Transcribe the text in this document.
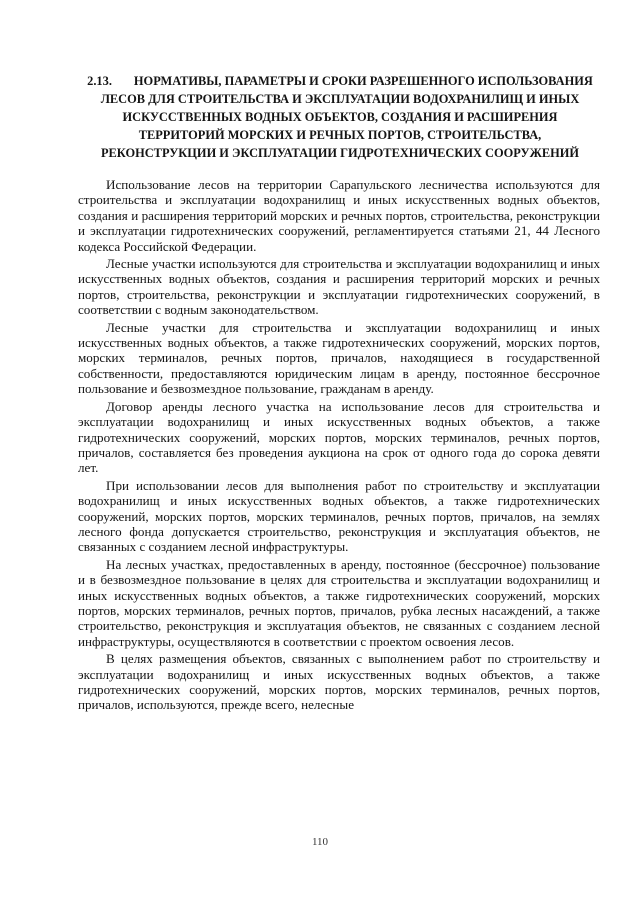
2.13. НОРМАТИВЫ, ПАРАМЕТРЫ И СРОКИ РАЗРЕШЕННОГО ИСПОЛЬЗОВАНИЯ ЛЕСОВ ДЛЯ СТРОИТЕЛЬСТВА И ЭКСПЛУАТАЦИИ ВОДОХРАНИЛИЩ И ИНЫХ ИСКУССТВЕННЫХ ВОДНЫХ ОБЪЕКТОВ, СОЗДАНИЯ И РАСШИРЕНИЯ ТЕРРИТОРИЙ МОРСКИХ И РЕЧНЫХ ПОРТОВ, СТРОИТЕЛЬСТВА, РЕКОНСТРУКЦИИ И ЭКСПЛУАТАЦИИ ГИДРОТЕХНИЧЕСКИХ СООРУЖЕНИЙ

Использование лесов на территории Сарапульского лесничества используются для строительства и эксплуатации водохранилищ и иных искусственных водных объектов, создания и расширения территорий морских и речных портов, строительства, реконструкции и эксплуатации гидротехнических сооружений, регламентируется статьями 21, 44 Лесного кодекса Российской Федерации.

Лесные участки используются для строительства и эксплуатации водохранилищ и иных искусственных водных объектов, создания и расширения территорий морских и речных портов, строительства, реконструкции и эксплуатации гидротехнических сооружений, в соответствии с водным законодательством.

Лесные участки для строительства и эксплуатации водохранилищ и иных искусственных водных объектов, а также гидротехнических сооружений, морских портов, морских терминалов, речных портов, причалов, находящиеся в государственной собственности, предоставляются юридическим лицам в аренду, постоянное бессрочное пользование и безвозмездное пользование, гражданам в аренду.

Договор аренды лесного участка на использование лесов для строительства и эксплуатации водохранилищ и иных искусственных водных объектов, а также гидротехнических сооружений, морских портов, морских терминалов, речных портов, причалов, составляется без проведения аукциона на срок от одного года до сорока девяти лет.

При использовании лесов для выполнения работ по строительству и эксплуатации водохранилищ и иных искусственных водных объектов, а также гидротехнических сооружений, морских портов, морских терминалов, речных портов, причалов, на землях лесного фонда допускается строительство, реконструкция и эксплуатация объектов, не связанных с созданием лесной инфраструктуры.

На лесных участках, предоставленных в аренду, постоянное (бессрочное) пользование и в безвозмездное пользование в целях для строительства и эксплуатации водохранилищ и иных искусственных водных объектов, а также гидротехнических сооружений, морских портов, морских терминалов, речных портов, причалов, рубка лесных насаждений, а также строительство, реконструкция и эксплуатация объектов, не связанных с созданием лесной инфраструктуры, осуществляются в соответствии с проектом освоения лесов.

В целях размещения объектов, связанных с выполнением работ по строительству и эксплуатации водохранилищ и иных искусственных водных объектов, а также гидротехнических сооружений, морских портов, морских терминалов, речных портов, причалов, используются, прежде всего, нелесные

110
